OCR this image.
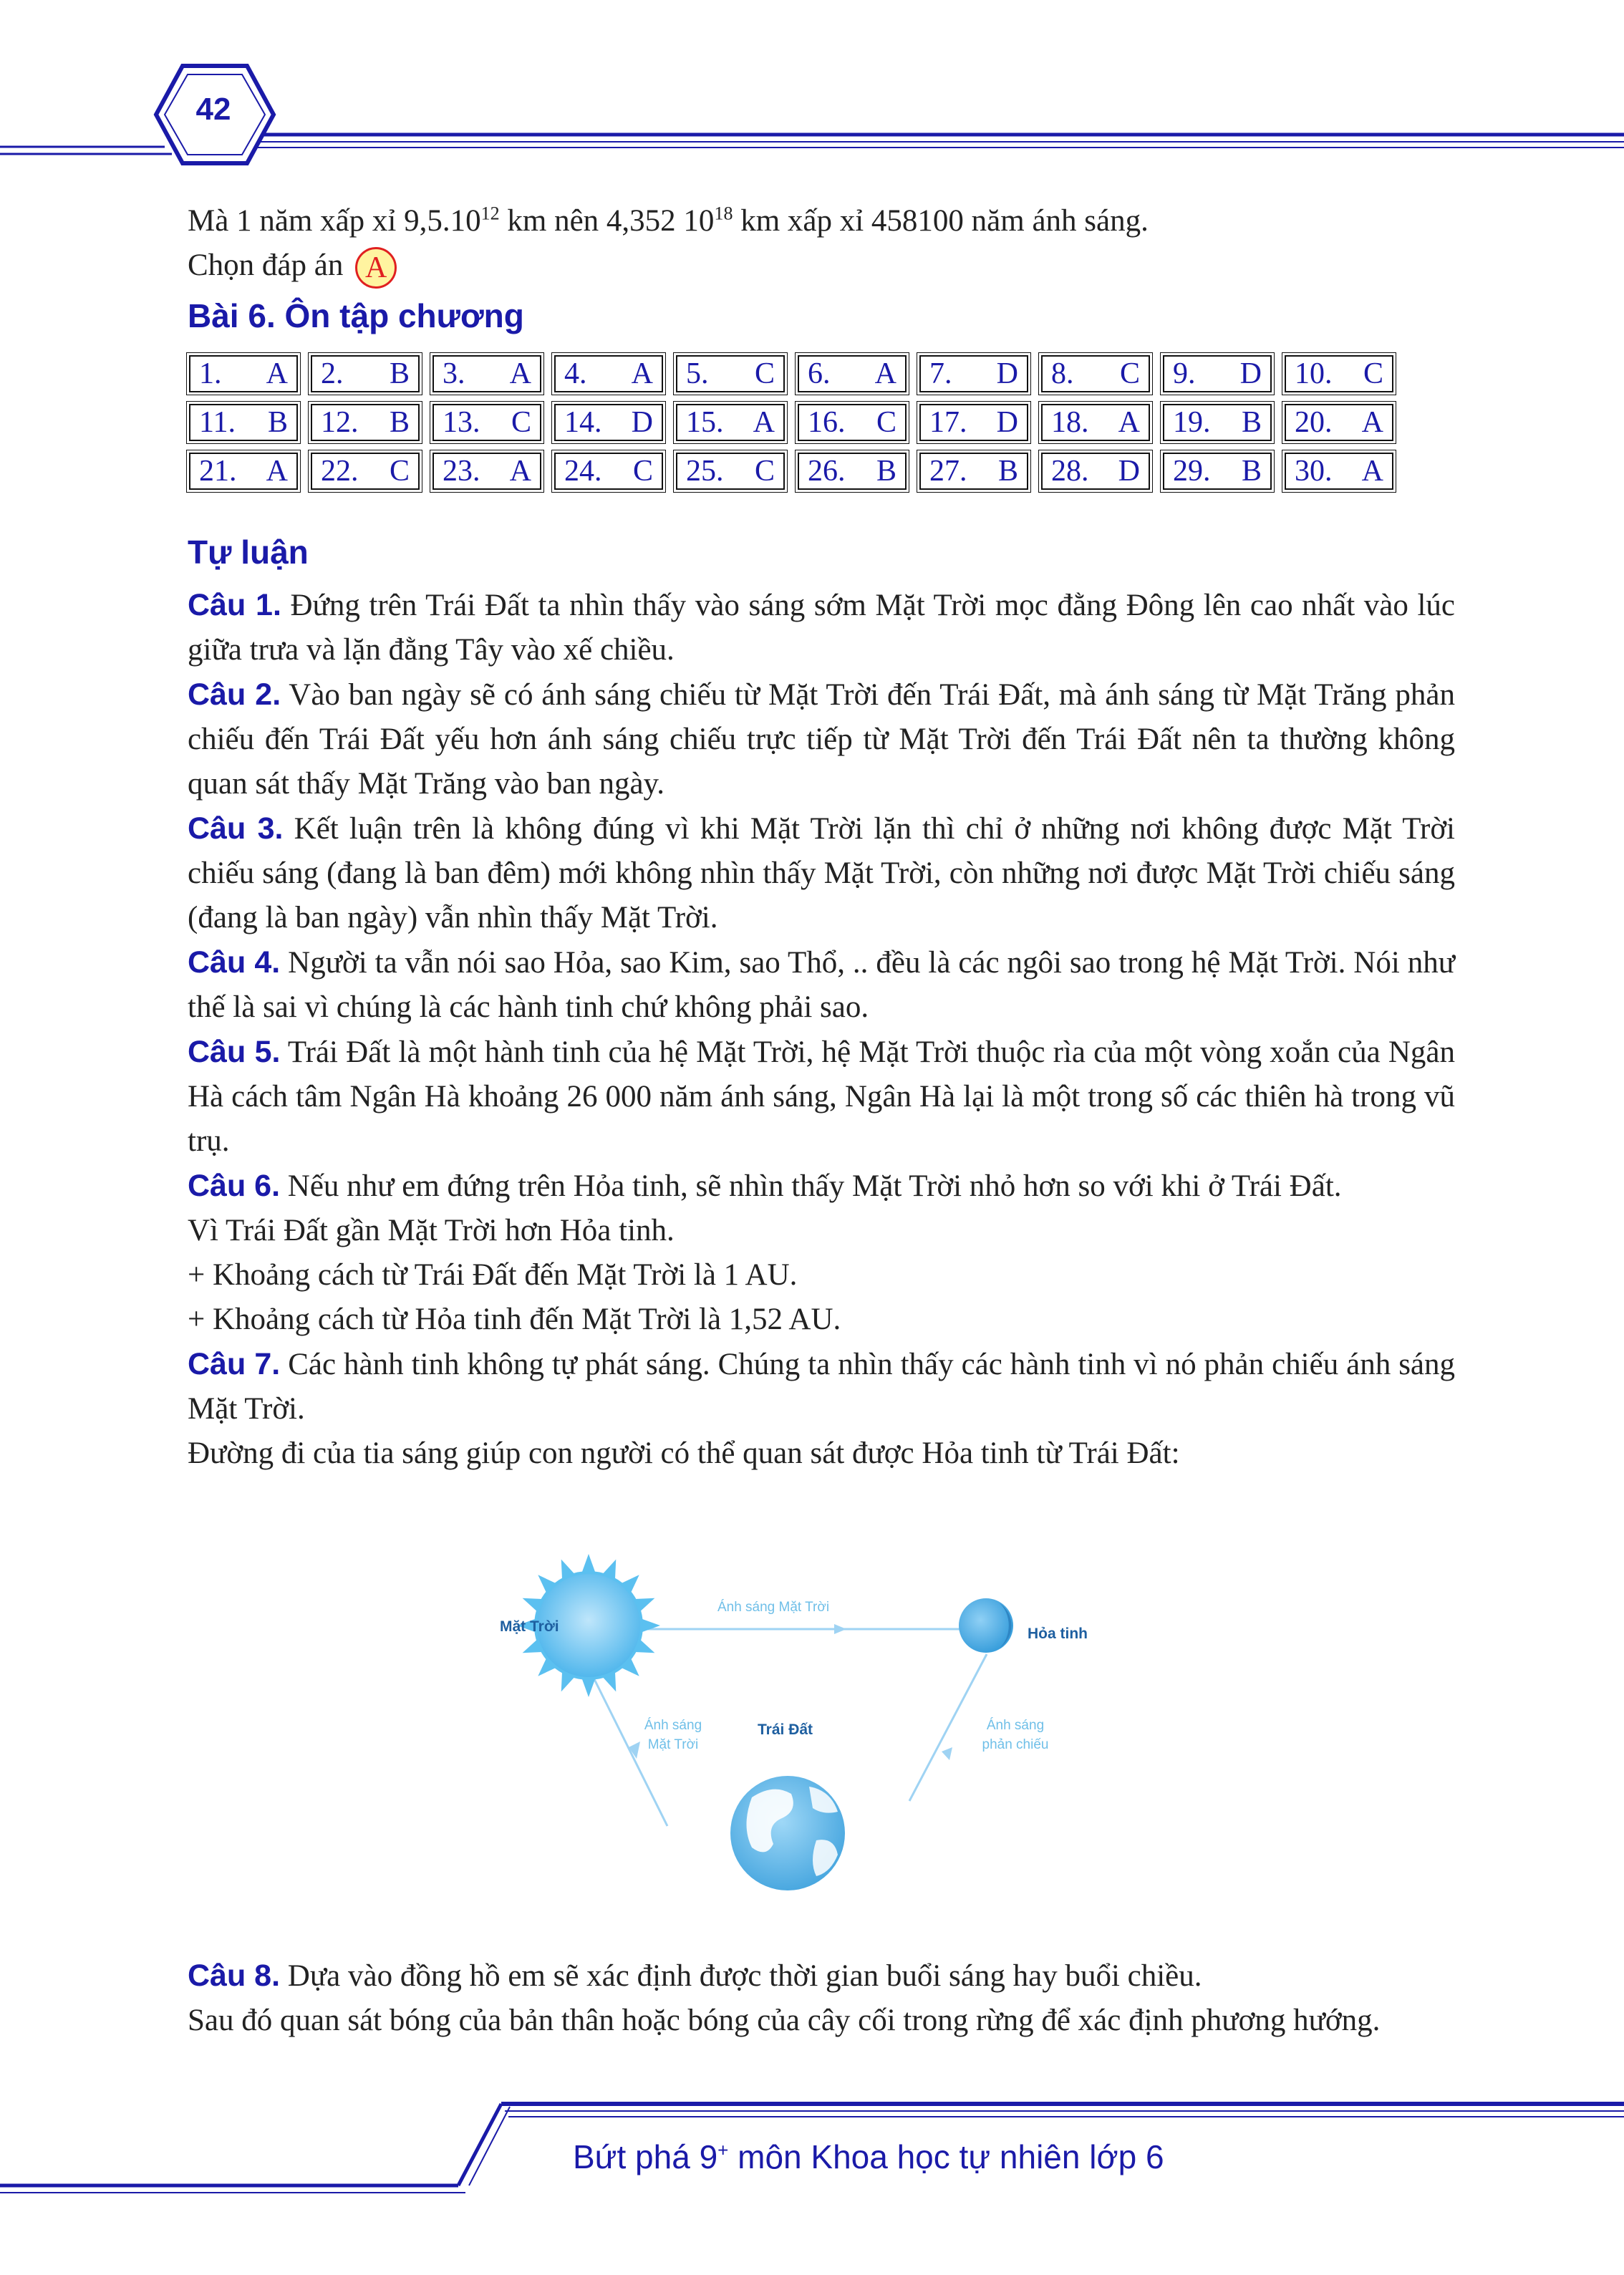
42

Mà 1 năm xấp xỉ 9,5.10$^{12}$ km nên 4,352 $10^{18}$ km xấp xỉ 458100 năm ánh sáng.

Chọn đáp án A

Bài 6. Ôn tập chương
1. A 2. B 3. A 4. A 5. C 6. A 7. D 8. C 9. D 10. C
11. B 12. B 13. C 14. D 15. A 16. C 17. D 18. A 19. B 20. A
21. A 22. C 23. A 24. C 25. C 26. B 27. B 28. D 29. B 30. A
Tự luận

Câu 1. Đứng trên Trái Đất ta nhìn thấy vào sáng sớm Mặt Trời mọc đằng Đông lên cao nhất vào lúc giữa trưa và lặn đằng Tây vào xế chiều.

Câu 2. Vào ban ngày sẽ có ánh sáng chiếu từ Mặt Trời đến Trái Đất, mà ánh sáng từ Mặt Trăng phản chiếu đến Trái Đất yếu hơn ánh sáng chiếu trực tiếp từ Mặt Trời đến Trái Đất nên ta thường không quan sát thấy Mặt Trăng vào ban ngày.

Câu 3. Kết luận trên là không đúng vì khi Mặt Trời lặn thì chỉ ở những nơi không được Mặt Trời chiếu sáng (đang là ban đêm) mới không nhìn thấy Mặt Trời, còn những nơi được Mặt Trời chiếu sáng (đang là ban ngày) vẫn nhìn thấy Mặt Trời.

Câu 4. Người ta vẫn nói sao Hỏa, sao Kim, sao Thổ, .. đều là các ngôi sao trong hệ Mặt Trời. Nói như thế là sai vì chúng là các hành tinh chứ không phải sao.

Câu 5. Trái Đất là một hành tinh của hệ Mặt Trời, hệ Mặt Trời thuộc rìa của một vòng xoắn của Ngân Hà cách tâm Ngân Hà khoảng 26 000 năm ánh sáng, Ngân Hà lại là một trong số các thiên hà trong vũ trụ.

Câu 6. Nếu như em đứng trên Hỏa tinh, sẽ nhìn thấy Mặt Trời nhỏ hơn so với khi ở Trái Đất.

Vì Trái Đất gần Mặt Trời hơn Hỏa tinh.

+ Khoảng cách từ Trái Đất đến Mặt Trời là 1 AU.

+ Khoảng cách từ Hỏa tinh đến Mặt Trời là 1,52 AU.

Câu 7. Các hành tinh không tự phát sáng. Chúng ta nhìn thấy các hành tinh vì nó phản chiếu ánh sáng Mặt Trời.

Đường đi của tia sáng giúp con người có thể quan sát được Hỏa tinh từ Trái Đất:

Mặt Trời	Hỏa tinh
Trái Đất
Ánh sáng Mặt Trời
Ánh sáng
Mặt Trời
Ánh sáng
phản chiếu

Câu 8. Dựa vào đồng hồ em sẽ xác định được thời gian buổi sáng hay buổi chiều.

Sau đó quan sát bóng của bản thân hoặc bóng của cây cối trong rừng để xác định phương hướng.

Bứt phá 9+ môn Khoa học tự nhiên lớp 6
